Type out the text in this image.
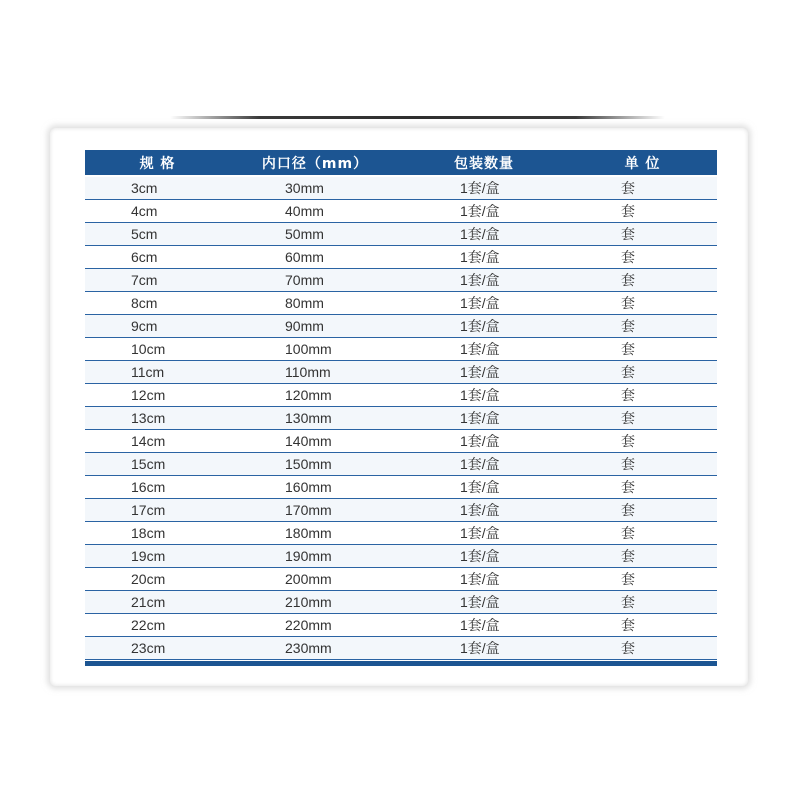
规 格	内口径（mm）	包装数量	单 位
3cm	30mm	1套/盒	套
4cm	40mm	1套/盒	套
5cm	50mm	1套/盒	套
6cm	60mm	1套/盒	套
7cm	70mm	1套/盒	套
8cm	80mm	1套/盒	套
9cm	90mm	1套/盒	套
10cm	100mm	1套/盒	套
11cm	110mm	1套/盒	套
12cm	120mm	1套/盒	套
13cm	130mm	1套/盒	套
14cm	140mm	1套/盒	套
15cm	150mm	1套/盒	套
16cm	160mm	1套/盒	套
17cm	170mm	1套/盒	套
18cm	180mm	1套/盒	套
19cm	190mm	1套/盒	套
20cm	200mm	1套/盒	套
21cm	210mm	1套/盒	套
22cm	220mm	1套/盒	套
23cm	230mm	1套/盒	套
